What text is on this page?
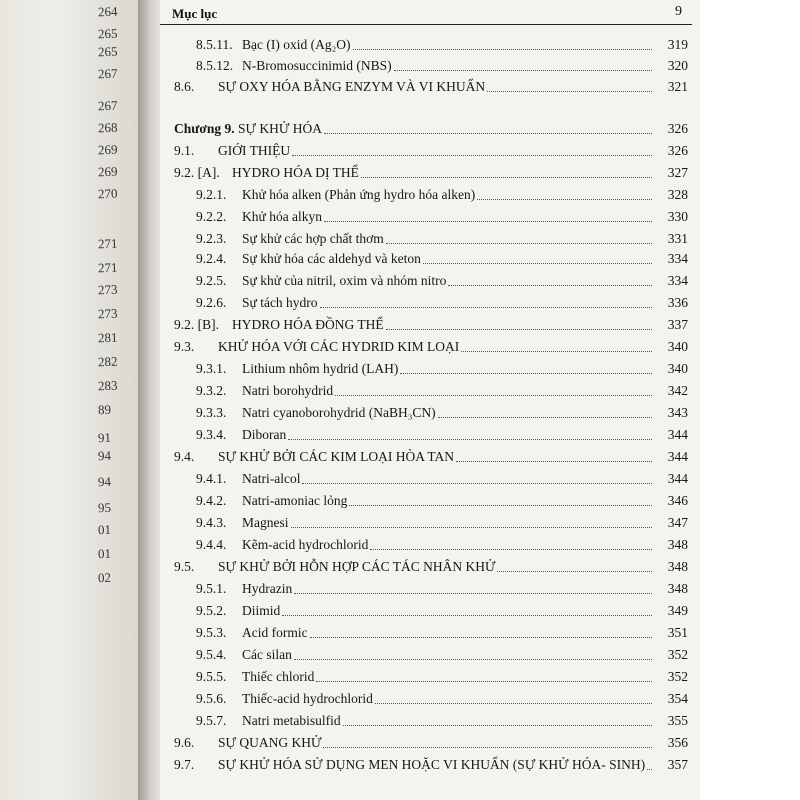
264
265
265
267
267
268
269
269
270
271
271
273
273
281
282
283
89
91
94
94
95
01
01
02
Mục lục	9
8.5.11. Bạc (I) oxid (Ag₂O)	319
8.5.12. N-Bromosuccinimid (NBS)	320
8.6. SỰ OXY HÓA BẰNG ENZYM VÀ VI KHUẨN	321
Chương 9. SỰ KHỬ HÓA	326
9.1. GIỚI THIỆU	326
9.2. [A]. HYDRO HÓA DỊ THỂ	327
9.2.1. Khử hóa alken (Phản ứng hydro hóa alken)	328
9.2.2. Khử hóa alkyn	330
9.2.3. Sự khử các hợp chất thơm	331
9.2.4. Sự khử hóa các aldehyd và keton	334
9.2.5. Sự khử của nitril, oxim và nhóm nitro	334
9.2.6. Sự tách hydro	336
9.2. [B]. HYDRO HÓA ĐỒNG THỂ	337
9.3. KHỬ HÓA VỚI CÁC HYDRID KIM LOẠI	340
9.3.1. Lithium nhôm hydrid (LAH)	340
9.3.2. Natri borohydrid	342
9.3.3. Natri cyanoborohydrid (NaBH₃CN)	343
9.3.4. Diboran	344
9.4. SỰ KHỬ BỞI CÁC KIM LOẠI HÒA TAN	344
9.4.1. Natri-alcol	344
9.4.2. Natri-amoniac lỏng	346
9.4.3. Magnesi	347
9.4.4. Kẽm-acid hydrochlorid	348
9.5. SỰ KHỬ BỞI HỖN HỢP CÁC TÁC NHÂN KHỬ	348
9.5.1. Hydrazin	348
9.5.2. Diimid	349
9.5.3. Acid formic	351
9.5.4. Các silan	352
9.5.5. Thiếc chlorid	352
9.5.6. Thiếc-acid hydrochlorid	354
9.5.7. Natri metabisulfid	355
9.6. SỰ QUANG KHỬ	356
9.7. SỰ KHỬ HÓA SỬ DỤNG MEN HOẶC VI KHUẨN (SỰ KHỬ HÓA- SINH) 357
